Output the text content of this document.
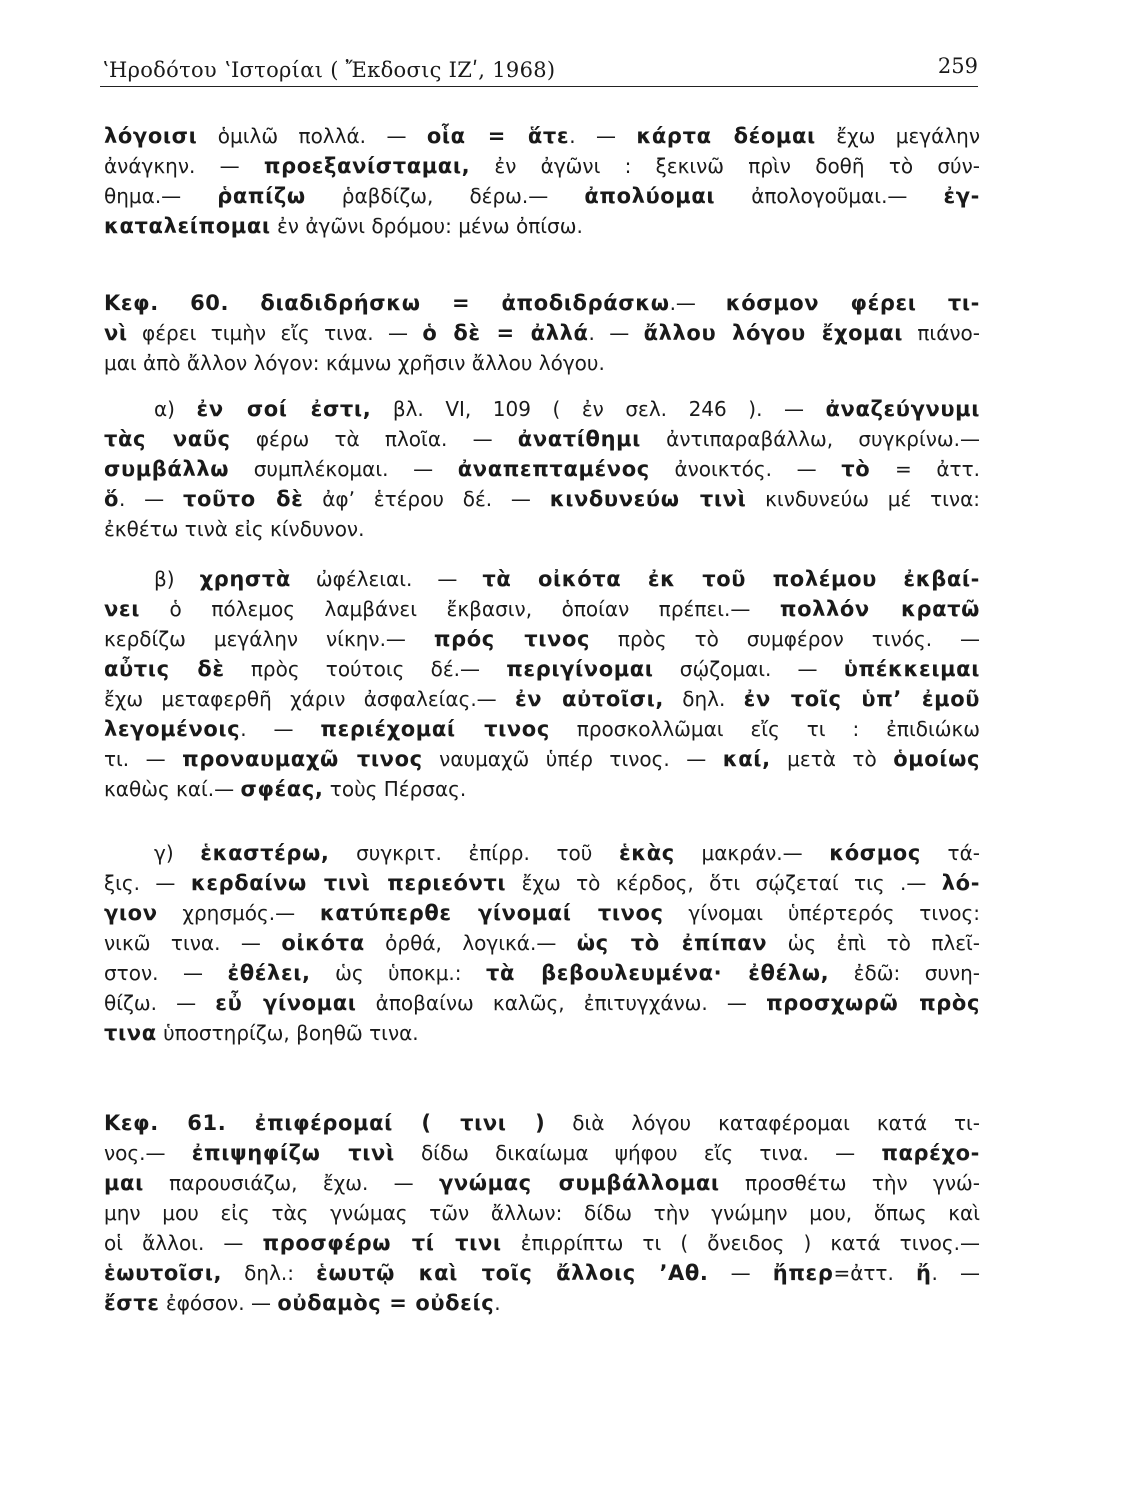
ʽΗροδότου ʽΙστορίαι ( Ἔκδοσις ΙΖʹ, 1968)	259
λόγοισι ὁμιλῶ πολλά. — οἷα = ἅτε. — κάρτα δέομαι ἔχω μεγάλην
ἀνάγκην. — προεξανίσταμαι, ἐν ἀγῶνι : ξεκινῶ πρὶν δοθῆ τὸ σύν-
θημα.— ῥαπίζω ῥαβδίζω, δέρω.— ἀπολύομαι ἀπολογοῦμαι.— ἐγ-
καταλείπομαι ἐν ἀγῶνι δρόμου: μένω ὀπίσω.
Κεφ. 60. διαδιδρήσκω = ἀποδιδράσκω.— κόσμον φέρει τι-
νὶ φέρει τιμὴν εἴς τινα. — ὁ δὲ = ἀλλά. — ἄλλου λόγου ἔχομαι πιάνο-
μαι ἀπὸ ἄλλον λόγον: κάμνω χρῆσιν ἄλλου λόγου.
α) ἐν σοί ἐστι, βλ. VI, 109 ( ἐν σελ. 246 ). — ἀναζεύγνυμι
τὰς ναῦς φέρω τὰ πλοῖα. — ἀνατίθημι ἀντιπαραβάλλω, συγκρίνω.—
συμβάλλω συμπλέκομαι. — ἀναπεπταμένος ἀνοικτός. — τὸ = ἀττ.
ὅ. — τοῦτο δὲ ἀφʼ ἑτέρου δέ. — κινδυνεύω τινὶ κινδυνεύω μέ τινα:
ἐκθέτω τινὰ εἰς κίνδυνον.
β) χρηστὰ ὠφέλειαι. — τὰ οἰκότα ἐκ τοῦ πολέμου ἐκβαί-
νει ὁ πόλεμος λαμβάνει ἔκβασιν, ὁποίαν πρέπει.— πολλόν κρατῶ
κερδίζω μεγάλην νίκην.— πρός τινος πρὸς τὸ συμφέρον τινός. —
αὖτις δὲ πρὸς τούτοις δέ.— περιγίνομαι σῴζομαι. — ὑπέκκειμαι
ἔχω μεταφερθῆ χάριν ἀσφαλείας.— ἐν αὐτοῖσι, δηλ. ἐν τοῖς ὑπʼ ἐμοῦ
λεγομένοις. — περιέχομαί τινος προσκολλῶμαι εἴς τι : ἐπιδιώκω
τι. — προναυμαχῶ τινος ναυμαχῶ ὑπέρ τινος. — καί, μετὰ τὸ ὁμοίως
καθὼς καί.— σφέας, τοὺς Πέρσας.
γ) ἑκαστέρω, συγκριτ. ἐπίρρ. τοῦ ἑκὰς μακράν.— κόσμος τά-
ξις. — κερδαίνω τινὶ περιεόντι ἔχω τὸ κέρδος, ὅτι σῴζεταί τις .— λό-
γιον χρησμός.— κατύπερθε γίνομαί τινος γίνομαι ὑπέρτερός τινος:
νικῶ τινα. — οἰκότα ὀρθά, λογικά.— ὡς τὸ ἐπίπαν ὡς ἐπὶ τὸ πλεῖ-
στον. — ἐθέλει, ὡς ὑποκμ.: τὰ βεβουλευμένα· ἐθέλω, ἐδῶ: συνη-
θίζω. — εὖ γίνομαι ἀποβαίνω καλῶς, ἐπιτυγχάνω. — προσχωρῶ πρὸς
τινα ὑποστηρίζω, βοηθῶ τινα.
Κεφ. 61. ἐπιφέρομαί ( τινι ) διὰ λόγου καταφέρομαι κατά τι-
νος.— ἐπιψηφίζω τινὶ δίδω δικαίωμα ψήφου εἴς τινα. — παρέχο-
μαι παρουσιάζω, ἔχω. — γνώμας συμβάλλομαι προσθέτω τὴν γνώ-
μην μου εἰς τὰς γνώμας τῶν ἄλλων: δίδω τὴν γνώμην μου, ὅπως καὶ
οἱ ἄλλοι. — προσφέρω τί τινι ἐπιρρίπτω τι ( ὄνειδος ) κατά τινος.—
ἑωυτοῖσι, δηλ.: ἑωυτῷ καὶ τοῖς ἄλλοις ʼΑθ. — ἤπερ=ἀττ. ἤ. —
ἔστε ἐφόσον. — οὐδαμὸς = οὐδείς.
